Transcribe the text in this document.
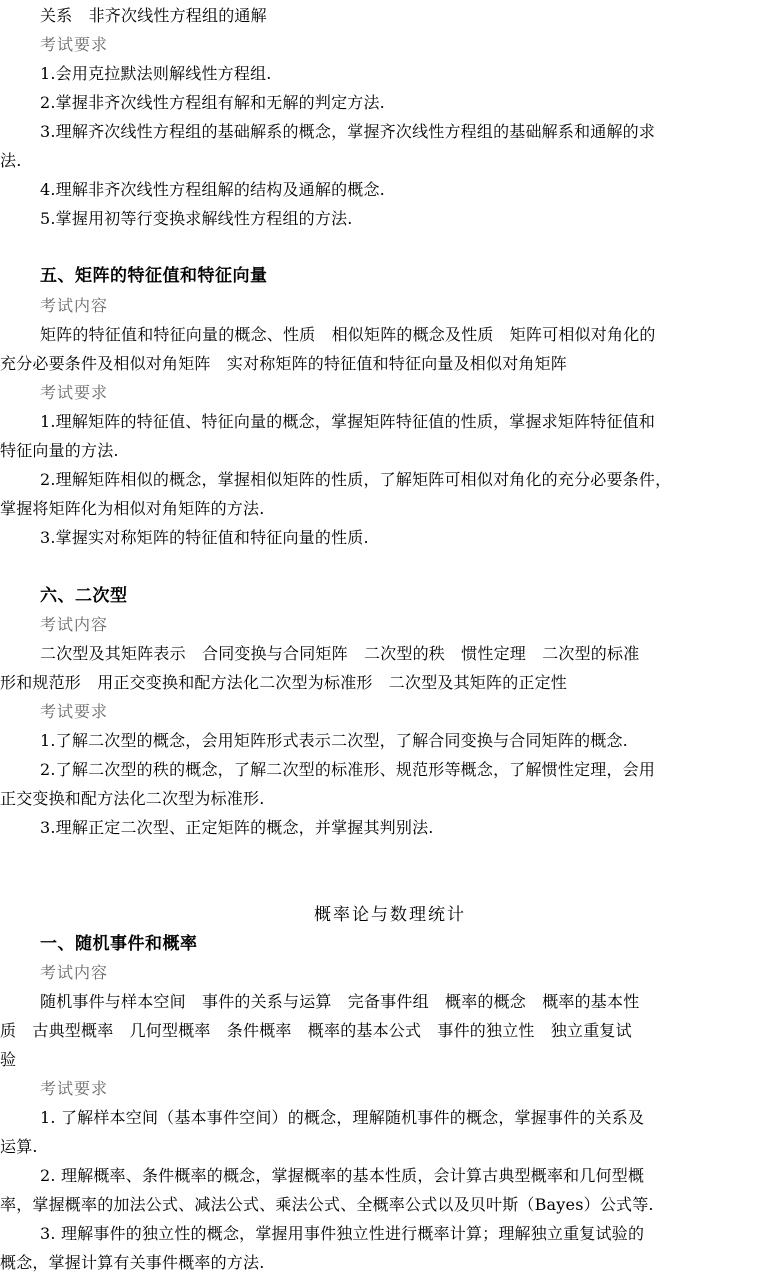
关系　非齐次线性方程组的通解
考试要求
1.会用克拉默法则解线性方程组.
2.掌握非齐次线性方程组有解和无解的判定方法.
3.理解齐次线性方程组的基础解系的概念，掌握齐次线性方程组的基础解系和通解的求
法.
4.理解非齐次线性方程组解的结构及通解的概念.
5.掌握用初等行变换求解线性方程组的方法.
五、矩阵的特征值和特征向量
考试内容
矩阵的特征值和特征向量的概念、性质　相似矩阵的概念及性质　矩阵可相似对角化的
充分必要条件及相似对角矩阵　实对称矩阵的特征值和特征向量及相似对角矩阵
考试要求
1.理解矩阵的特征值、特征向量的概念，掌握矩阵特征值的性质，掌握求矩阵特征值和
特征向量的方法.
2.理解矩阵相似的概念，掌握相似矩阵的性质，了解矩阵可相似对角化的充分必要条件，
掌握将矩阵化为相似对角矩阵的方法.
3.掌握实对称矩阵的特征值和特征向量的性质.
六、二次型
考试内容
二次型及其矩阵表示　合同变换与合同矩阵　二次型的秩　惯性定理　二次型的标准
形和规范形　用正交变换和配方法化二次型为标准形　二次型及其矩阵的正定性
考试要求
1.了解二次型的概念，会用矩阵形式表示二次型，了解合同变换与合同矩阵的概念.
2.了解二次型的秩的概念，了解二次型的标准形、规范形等概念，了解惯性定理，会用
正交变换和配方法化二次型为标准形.
3.理解正定二次型、正定矩阵的概念，并掌握其判别法.
概率论与数理统计
一、随机事件和概率
考试内容
随机事件与样本空间　事件的关系与运算　完备事件组　概率的概念　概率的基本性
质　古典型概率　几何型概率　条件概率　概率的基本公式　事件的独立性　独立重复试
验
考试要求
1. 了解样本空间（基本事件空间）的概念，理解随机事件的概念，掌握事件的关系及
运算.
2. 理解概率、条件概率的概念，掌握概率的基本性质，会计算古典型概率和几何型概
率，掌握概率的加法公式、减法公式、乘法公式、全概率公式以及贝叶斯（Bayes）公式等.
3. 理解事件的独立性的概念，掌握用事件独立性进行概率计算；理解独立重复试验的
概念，掌握计算有关事件概率的方法.
